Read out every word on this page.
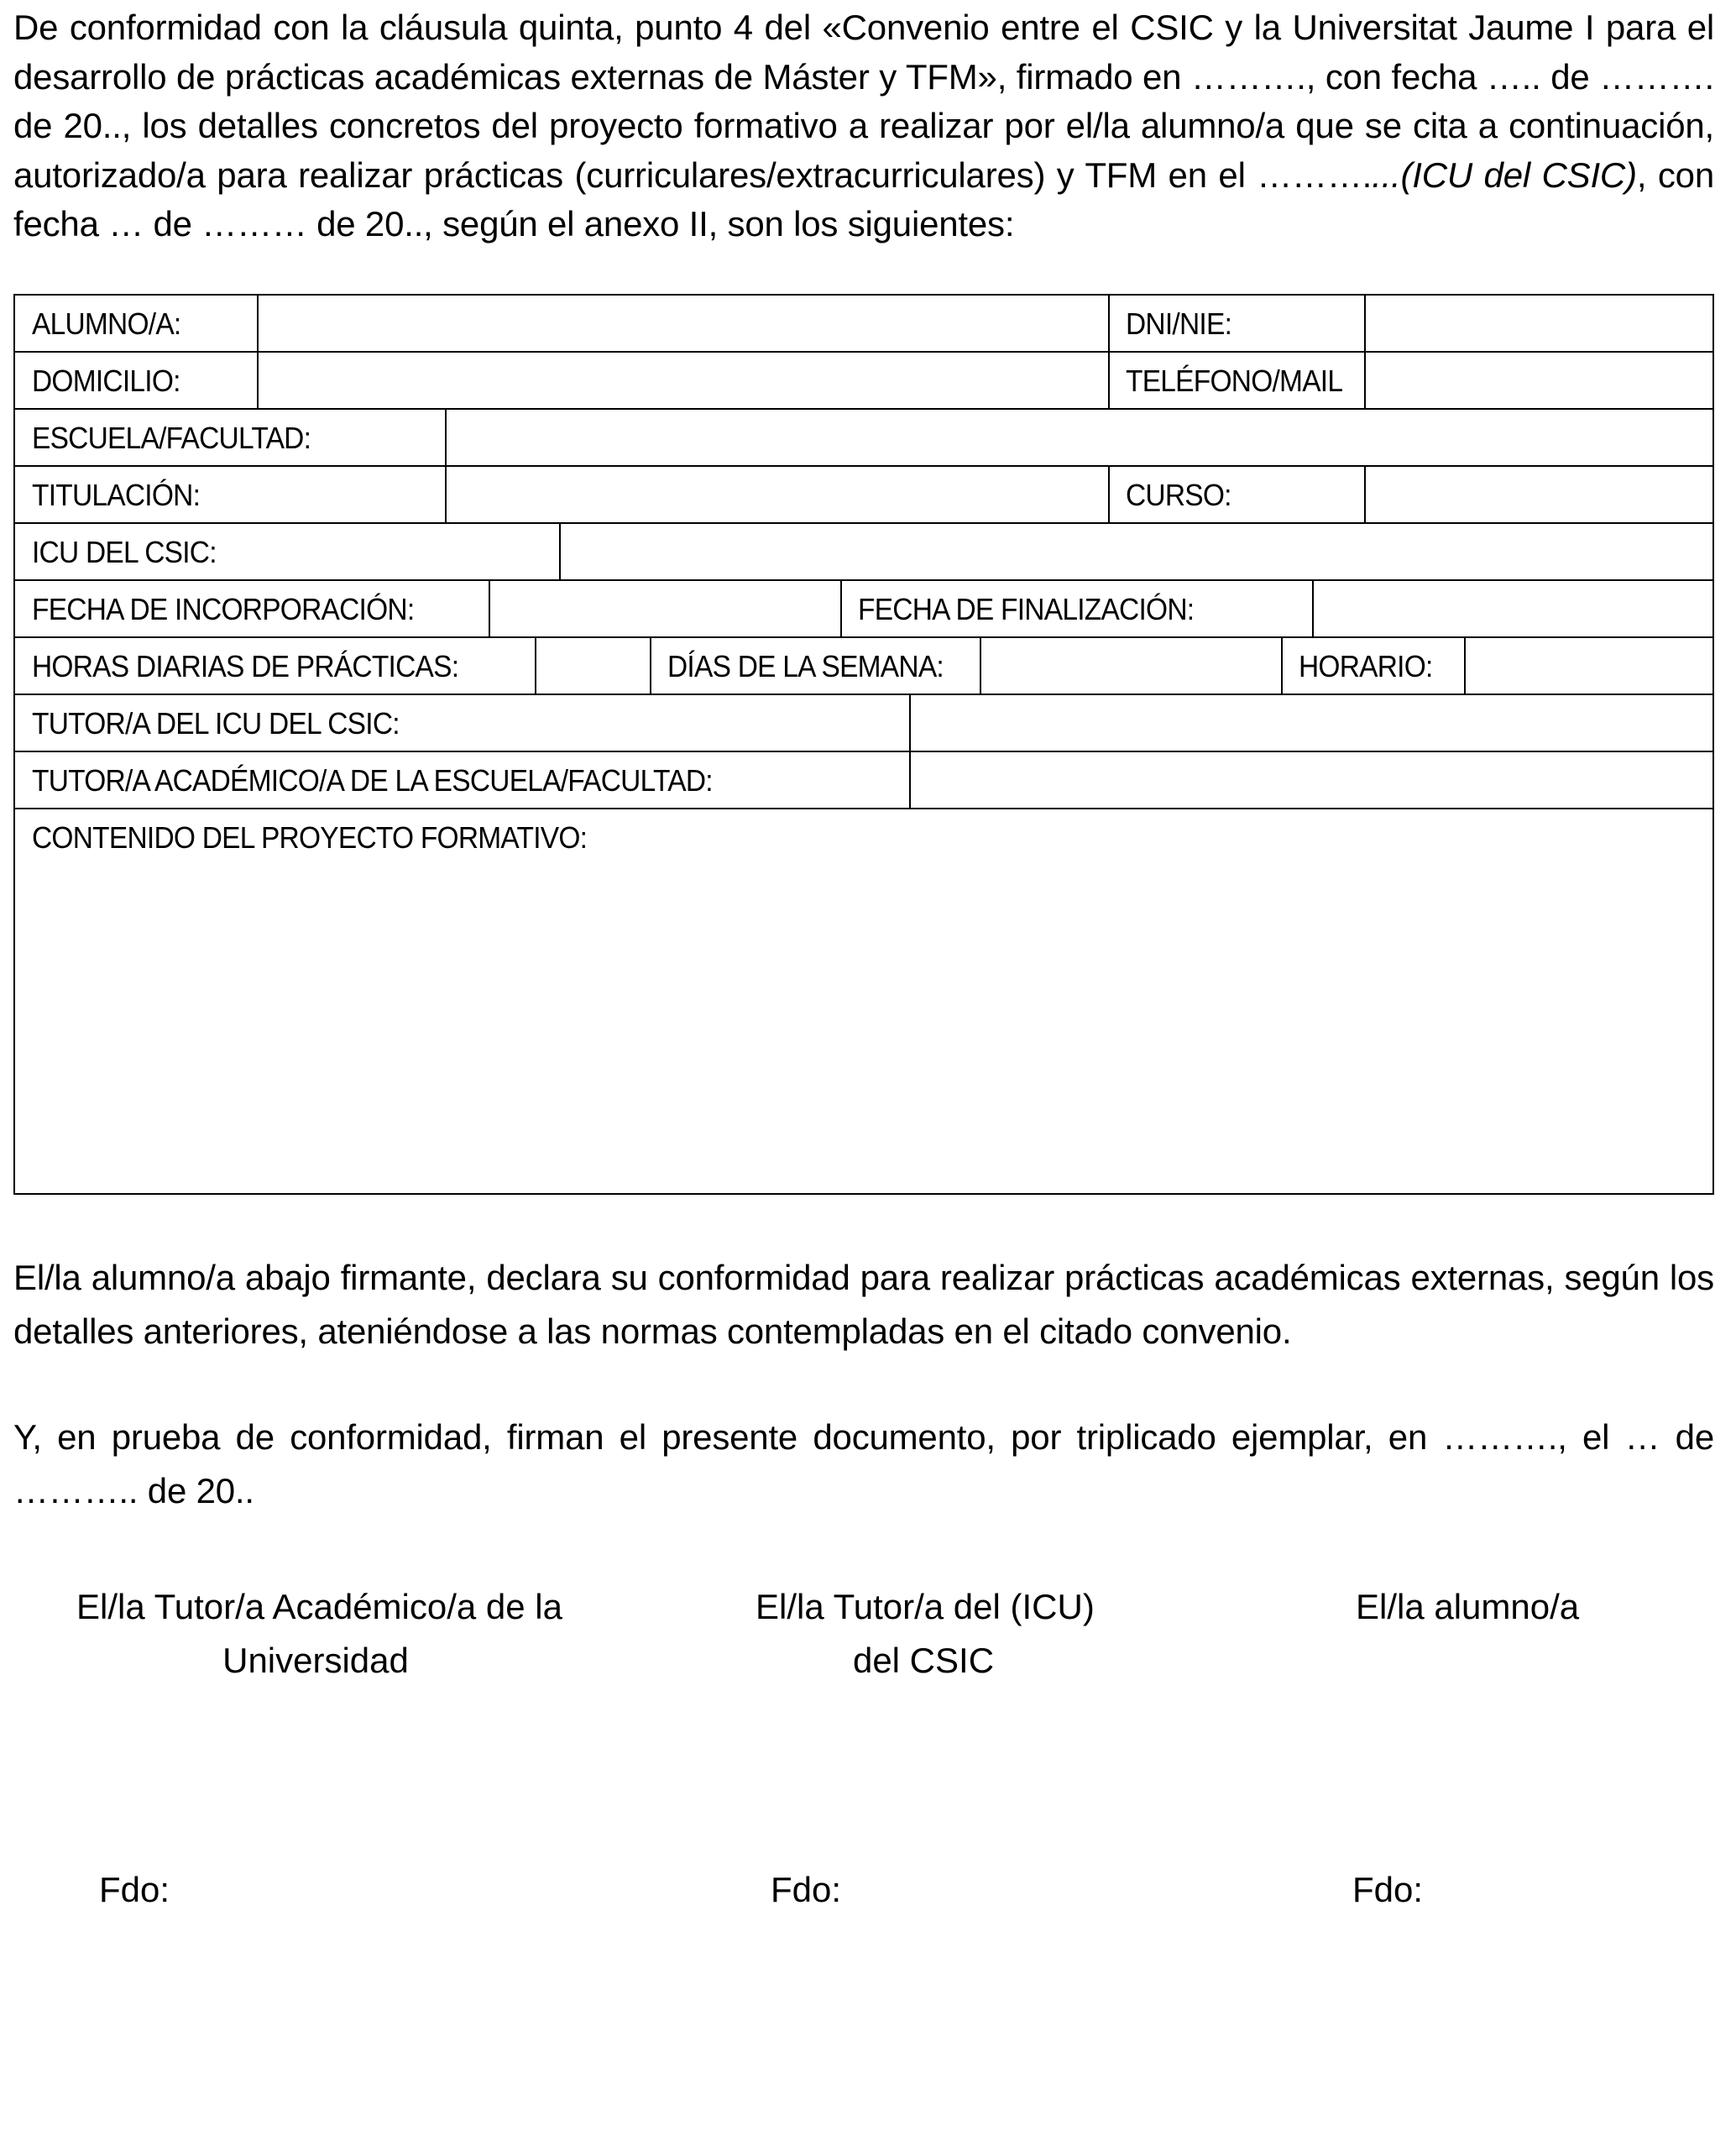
De conformidad con la cláusula quinta, punto 4 del «Convenio entre el CSIC y la Universitat Jaume I para el desarrollo de prácticas académicas externas de Máster y TFM», firmado en ………., con fecha ….. de ………. de 20.., los detalles concretos del proyecto formativo a realizar por el/la alumno/a que se cita a continuación, autorizado/a para realizar prácticas (curriculares/extracurriculares) y TFM en el ………....(ICU del CSIC), con fecha … de ……… de 20.., según el anexo II, son los siguientes:

ALUMNO/A:	DNI/NIE:
DOMICILIO:	TELÉFONO/MAIL
ESCUELA/FACULTAD:
TITULACIÓN:	CURSO:
ICU DEL CSIC:
FECHA DE INCORPORACIÓN:	FECHA DE FINALIZACIÓN:
HORAS DIARIAS DE PRÁCTICAS:	DÍAS DE LA SEMANA:	HORARIO:
TUTOR/A DEL ICU DEL CSIC:
TUTOR/A ACADÉMICO/A DE LA ESCUELA/FACULTAD:
CONTENIDO DEL PROYECTO FORMATIVO:

El/la alumno/a abajo firmante, declara su conformidad para realizar prácticas académicas externas, según los detalles anteriores, ateniéndose a las normas contempladas en el citado convenio.

Y, en prueba de conformidad, firman el presente documento, por triplicado ejemplar, en ………., el … de ……….. de 20..

El/la Tutor/a Académico/a de la
Universidad
El/la Tutor/a del (ICU)
del CSIC
El/la alumno/a
Fdo:	Fdo:	Fdo:
